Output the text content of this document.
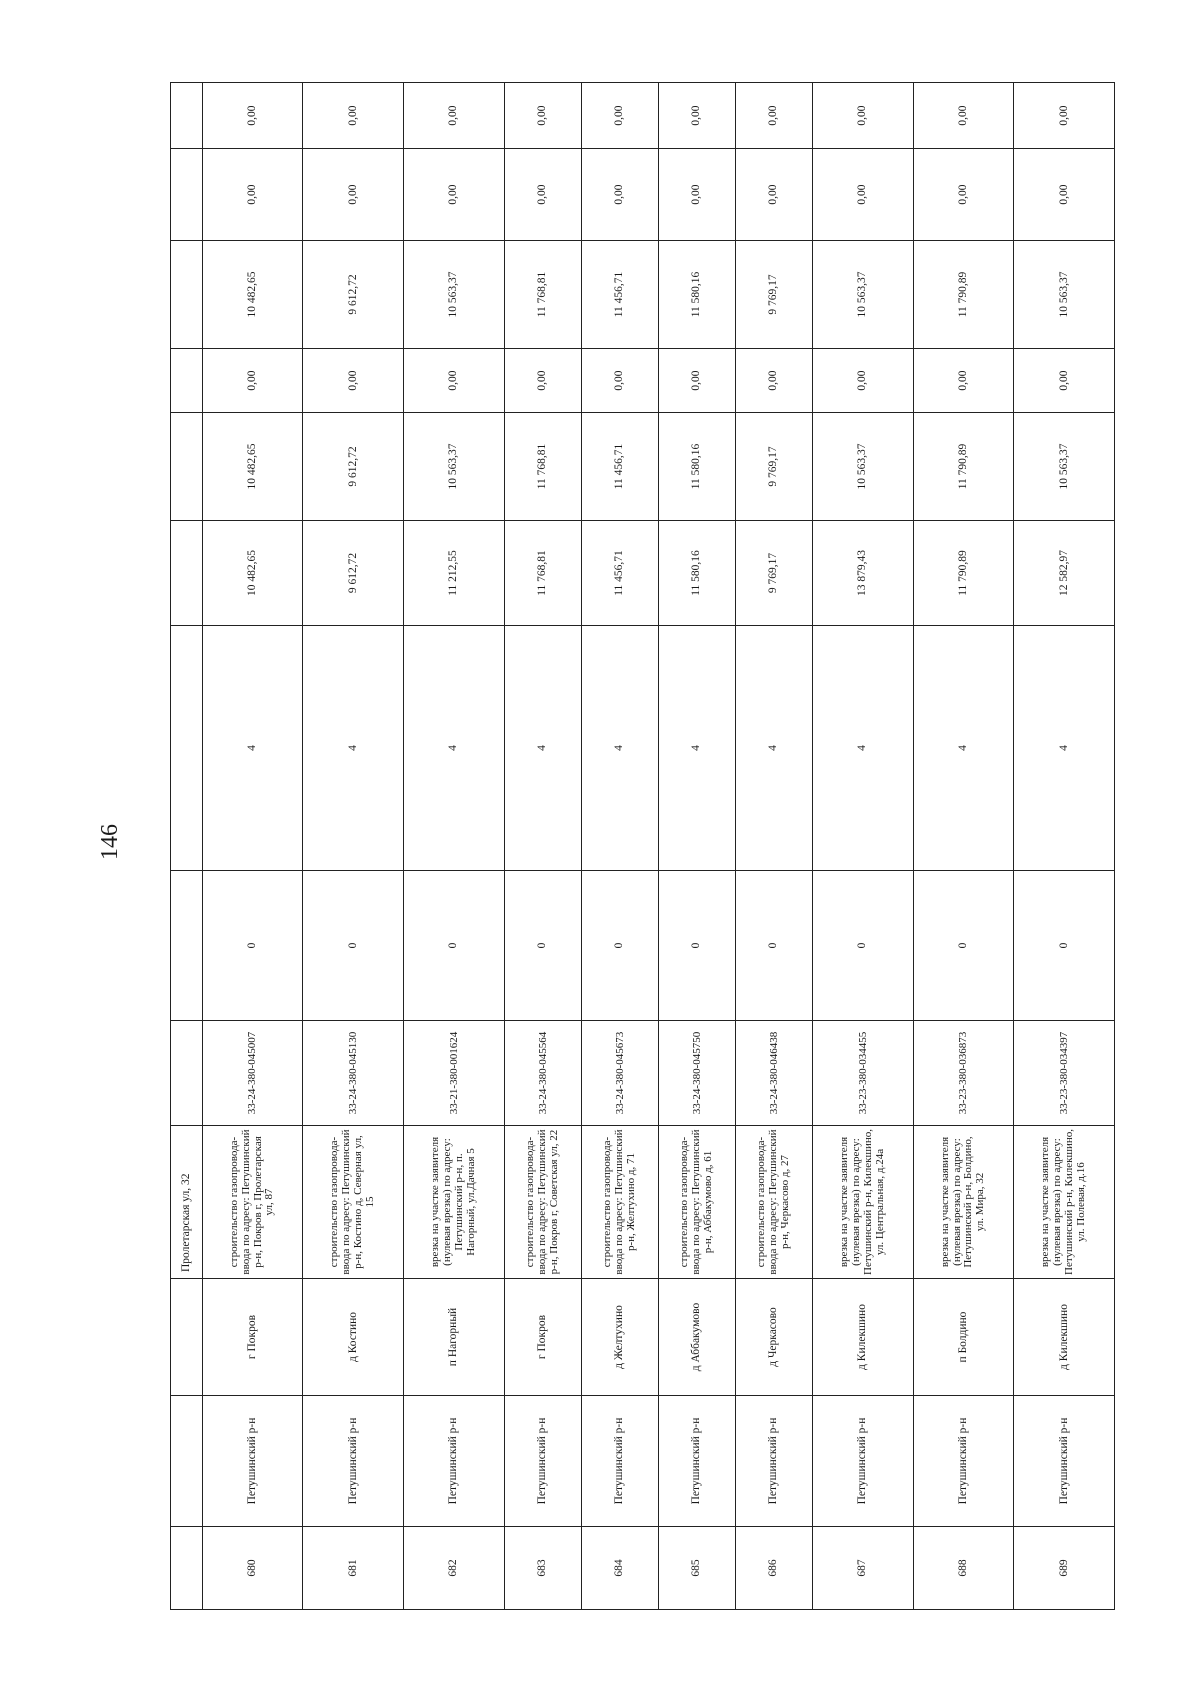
146
			Пролетарская ул, 32									
680	Петушинский р-н	г Покров	строительство газопровода-ввода по адресу: Петушинский р-н, Покров г, Пролетарская ул, 87	33-24-380-045007	0	4	10 482,65	10 482,65	0,00	10 482,65	0,00	0,00
681	Петушинский р-н	д Костино	строительство газопровода-ввода по адресу: Петушинский р-н, Костино д, Северная ул, 15	33-24-380-045130	0	4	9 612,72	9 612,72	0,00	9 612,72	0,00	0,00
682	Петушинский р-н	п Нагорный	врезка на участке заявителя (нулевая врезка) по адресу: Петушинский р-н, п. Нагорный, ул.Дачная 5	33-21-380-001624	0	4	11 212,55	10 563,37	0,00	10 563,37	0,00	0,00
683	Петушинский р-н	г Покров	строительство газопровода-ввода по адресу: Петушинский р-н, Покров г, Советская ул, 22	33-24-380-045564	0	4	11 768,81	11 768,81	0,00	11 768,81	0,00	0,00
684	Петушинский р-н	д Желтухино	строительство газопровода-ввода по адресу: Петушинский р-н, Желтухино д, 71	33-24-380-045673	0	4	11 456,71	11 456,71	0,00	11 456,71	0,00	0,00
685	Петушинский р-н	д Аббакумово	строительство газопровода-ввода по адресу: Петушинский р-н, Аббакумово д, 61	33-24-380-045750	0	4	11 580,16	11 580,16	0,00	11 580,16	0,00	0,00
686	Петушинский р-н	д Черкасово	строительство газопровода-ввода по адресу: Петушинский р-н, Черкасово д, 27	33-24-380-046438	0	4	9 769,17	9 769,17	0,00	9 769,17	0,00	0,00
687	Петушинский р-н	д Килекшино	врезка на участке заявителя (нулевая врезка) по адресу: Петушинский р-н, Килекшино, ул. Центральная, д.24а	33-23-380-034455	0	4	13 879,43	10 563,37	0,00	10 563,37	0,00	0,00
688	Петушинский р-н	п Болдино	врезка на участке заявителя (нулевая врезка) по адресу: Петушинский р-н, Болдино, ул. Мира, 32	33-23-380-036873	0	4	11 790,89	11 790,89	0,00	11 790,89	0,00	0,00
689	Петушинский р-н	д Килекшино	врезка на участке заявителя (нулевая врезка) по адресу: Петушинский р-н, Килекшино, ул. Полевая, д.16	33-23-380-034397	0	4	12 582,97	10 563,37	0,00	10 563,37	0,00	0,00
